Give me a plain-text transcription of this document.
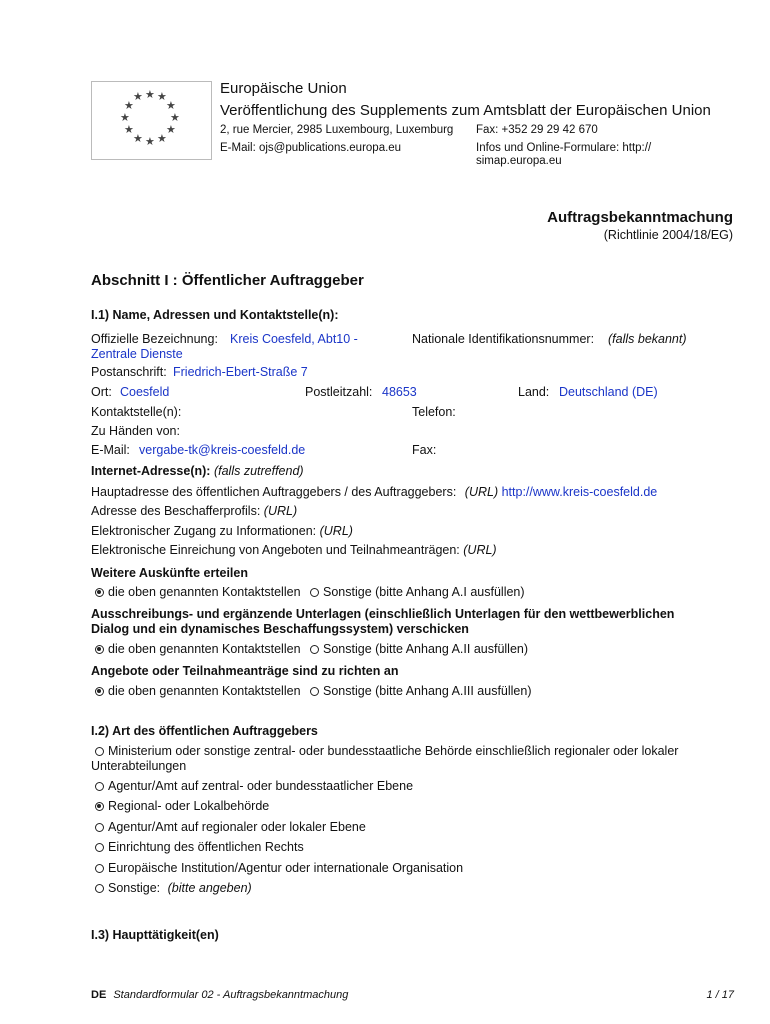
★ ★
★
★
★
★
★
★
★
★
★ ★
Europäische Union
Veröffentlichung des Supplements zum Amtsblatt der Europäischen Union
2, rue Mercier, 2985 Luxembourg, Luxemburg Fax: +352 29 29 42 670
E-Mail: ojs@publications.europa.eu	Infos und Online-Formulare: http://
simap.europa.eu
Auftragsbekanntmachung
(Richtlinie 2004/18/EG)
Abschnitt I : Öffentlicher Auftraggeber
I.1) Name, Adressen und Kontaktstelle(n):
Offizielle Bezeichnung: Kreis Coesfeld, Abt10 -
Zentrale Dienste
Nationale Identifikationsnummer: (falls bekannt)
Postanschrift: Friedrich-Ebert-Straße 7
Ort: Coesfeld	Postleitzahl: 48653	Land: Deutschland (DE)
Kontaktstelle(n):	Telefon:
Zu Händen von:
E-Mail: vergabe-tk@kreis-coesfeld.de	Fax:
Internet-Adresse(n): (falls zutreffend)
Hauptadresse des öffentlichen Auftraggebers / des Auftraggebers: (URL) http://www.kreis-coesfeld.de
Adresse des Beschafferprofils: (URL)
Elektronischer Zugang zu Informationen: (URL)
Elektronische Einreichung von Angeboten und Teilnahmeanträgen: (URL)
Weitere Auskünfte erteilen
die oben genannten Kontaktstellen Sonstige (bitte Anhang A.I ausfüllen)
Ausschreibungs- und ergänzende Unterlagen (einschließlich Unterlagen für den wettbewerblichen
Dialog und ein dynamisches Beschaffungssystem) verschicken
die oben genannten Kontaktstellen Sonstige (bitte Anhang A.II ausfüllen)
Angebote oder Teilnahmeanträge sind zu richten an
die oben genannten Kontaktstellen Sonstige (bitte Anhang A.III ausfüllen)
I.2) Art des öffentlichen Auftraggebers
Ministerium oder sonstige zentral- oder bundesstaatliche Behörde einschließlich regionaler oder lokaler
Unterabteilungen
Agentur/Amt auf zentral- oder bundesstaatlicher Ebene
Regional- oder Lokalbehörde
Agentur/Amt auf regionaler oder lokaler Ebene
Einrichtung des öffentlichen Rechts
Europäische Institution/Agentur oder internationale Organisation
Sonstige: (bitte angeben)
I.3) Haupttätigkeit(en)
DE Standardformular 02 - Auftragsbekanntmachung	1 / 17
